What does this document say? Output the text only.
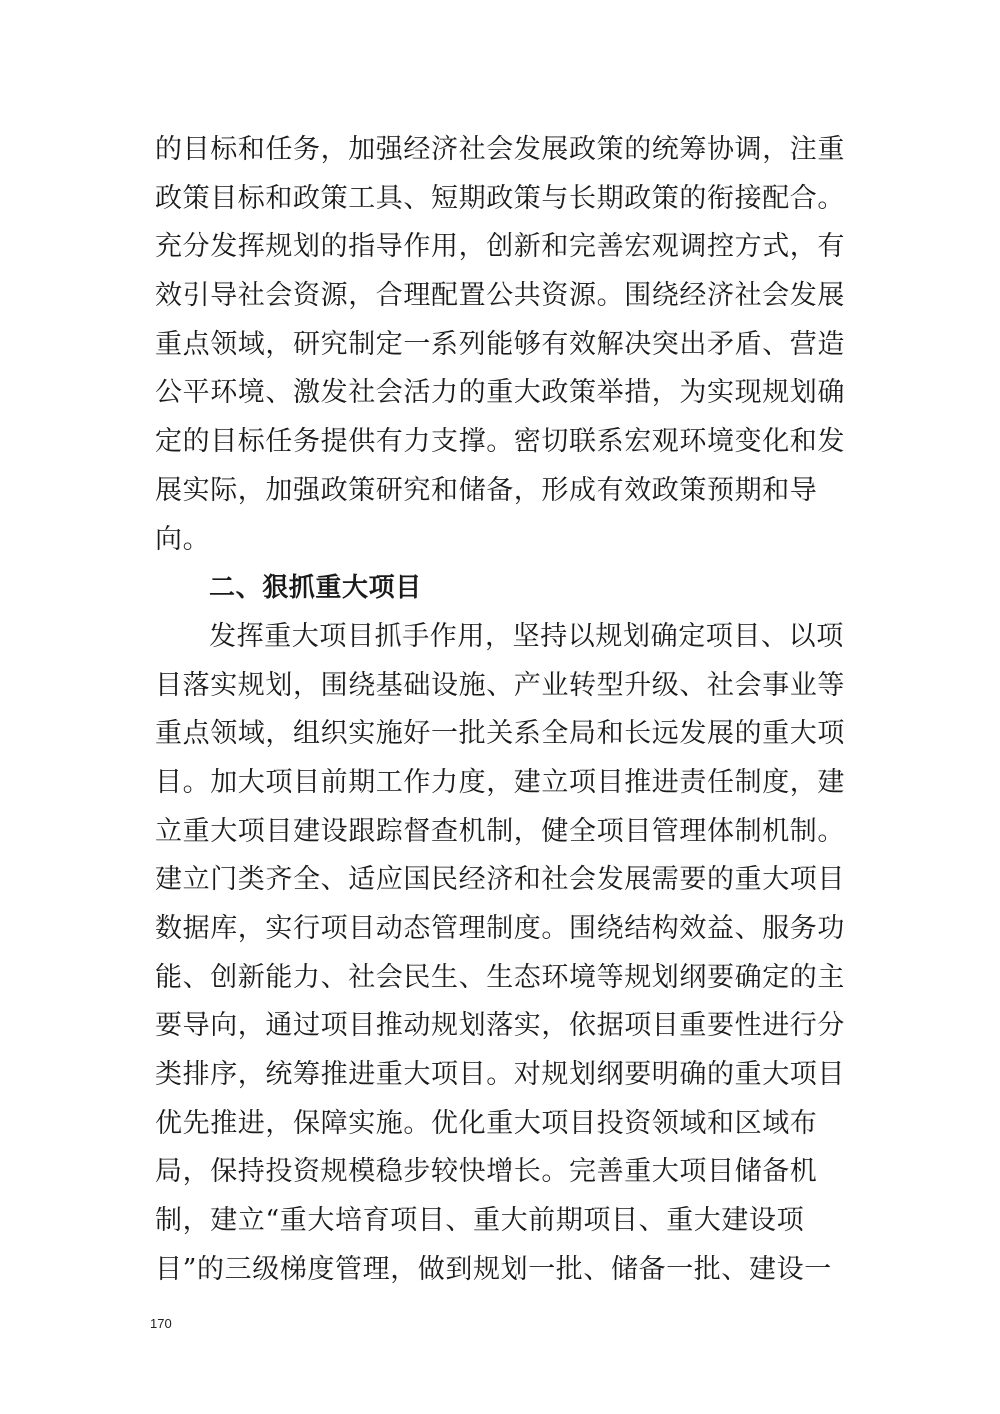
的目标和任务，加强经济社会发展政策的统筹协调，注重
政策目标和政策工具、短期政策与长期政策的衔接配合。
充分发挥规划的指导作用，创新和完善宏观调控方式，有
效引导社会资源，合理配置公共资源。围绕经济社会发展
重点领域，研究制定一系列能够有效解决突出矛盾、营造
公平环境、激发社会活力的重大政策举措，为实现规划确
定的目标任务提供有力支撑。密切联系宏观环境变化和发
展实际，加强政策研究和储备，形成有效政策预期和导
向。
二、狠抓重大项目
发挥重大项目抓手作用，坚持以规划确定项目、以项
目落实规划，围绕基础设施、产业转型升级、社会事业等
重点领域，组织实施好一批关系全局和长远发展的重大项
目。加大项目前期工作力度，建立项目推进责任制度，建
立重大项目建设跟踪督查机制，健全项目管理体制机制。
建立门类齐全、适应国民经济和社会发展需要的重大项目
数据库，实行项目动态管理制度。围绕结构效益、服务功
能、创新能力、社会民生、生态环境等规划纲要确定的主
要导向，通过项目推动规划落实，依据项目重要性进行分
类排序，统筹推进重大项目。对规划纲要明确的重大项目
优先推进，保障实施。优化重大项目投资领域和区域布
局，保持投资规模稳步较快增长。完善重大项目储备机
制，建立“重大培育项目、重大前期项目、重大建设项
目”的三级梯度管理，做到规划一批、储备一批、建设一
170
